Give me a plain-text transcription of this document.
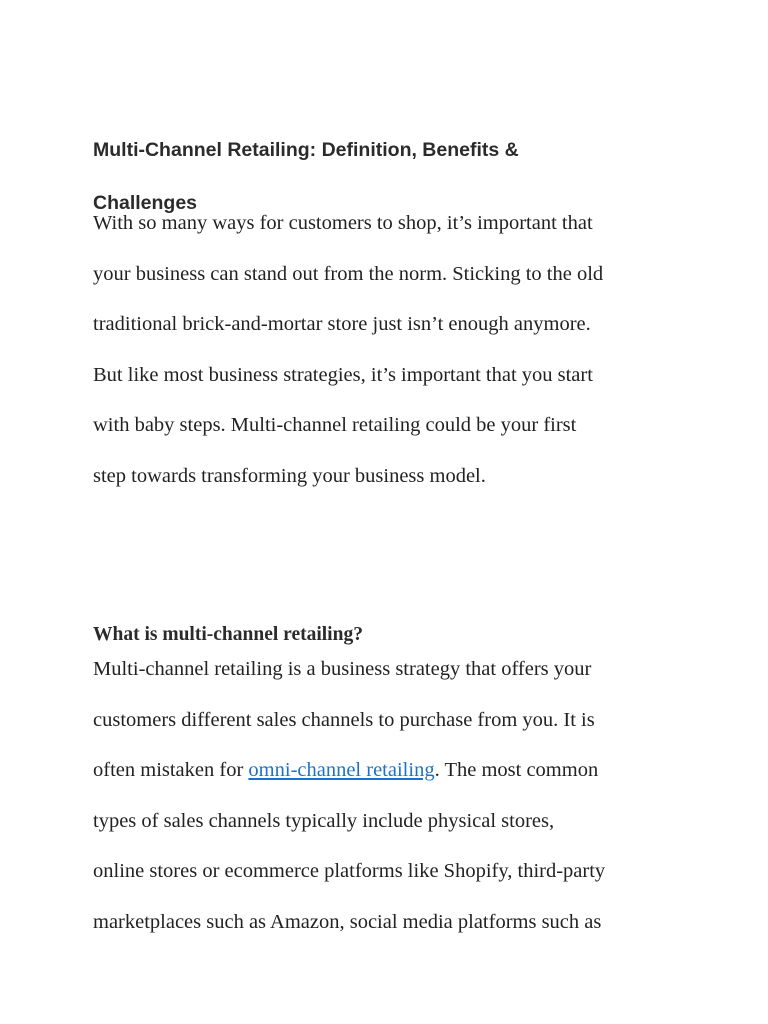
Multi-Channel Retailing: Definition, Benefits &
Challenges

With so many ways for customers to shop, it’s important that
your business can stand out from the norm. Sticking to the old
traditional brick-and-mortar store just isn’t enough anymore.
But like most business strategies, it’s important that you start
with baby steps. Multi-channel retailing could be your first
step towards transforming your business model.

What is multi-channel retailing?

Multi-channel retailing is a business strategy that offers your
customers different sales channels to purchase from you. It is
often mistaken for omni-channel retailing. The most common
types of sales channels typically include physical stores,
online stores or ecommerce platforms like Shopify, third-party
marketplaces such as Amazon, social media platforms such as
